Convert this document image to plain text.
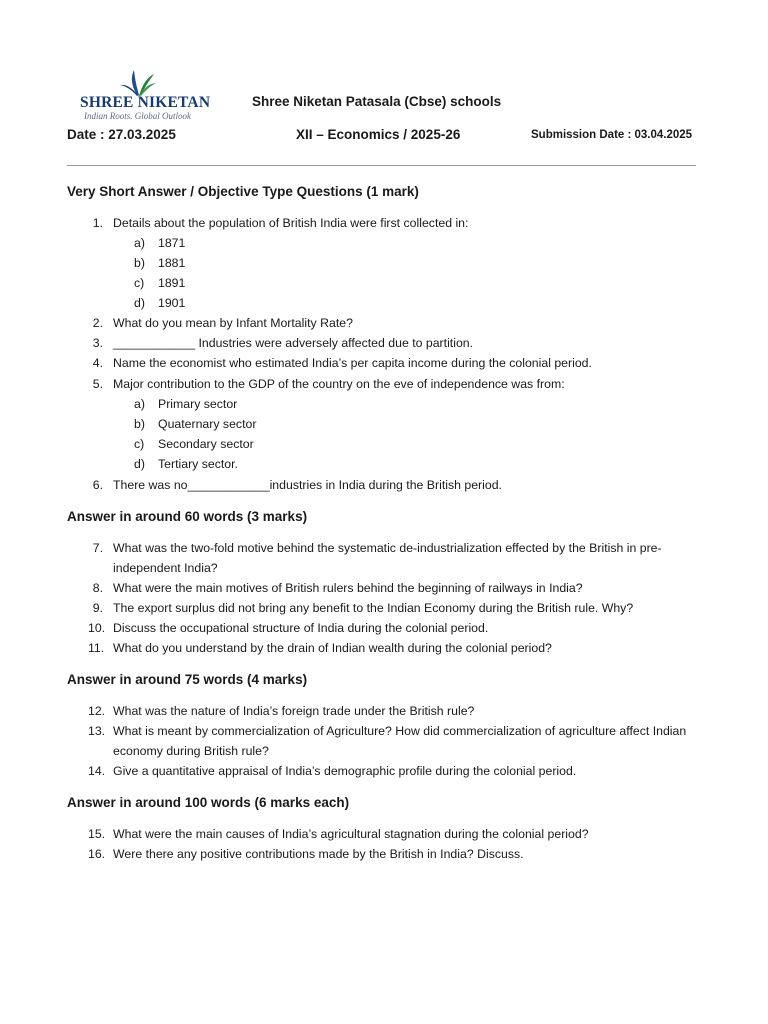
SHREE NIKETAN
Indian Roots. Global Outlook
Shree Niketan Patasala (Cbse) schools
Date : 27.03.2025	XII – Economics / 2025-26	Submission Date : 03.04.2025
Very Short Answer / Objective Type Questions (1 mark)
1. Details about the population of British India were first collected in:
a) 1871
b) 1881
c) 1891
d) 1901
2. What do you mean by Infant Mortality Rate?
3. ____________ Industries were adversely affected due to partition.
4. Name the economist who estimated India’s per capita income during the colonial period.
5. Major contribution to the GDP of the country on the eve of independence was from:
a) Primary sector
b) Quaternary sector
c) Secondary sector
d) Tertiary sector.
6. There was no____________industries in India during the British period.
Answer in around 60 words (3 marks)
7. What was the two-fold motive behind the systematic de-industrialization effected by the British in pre-independent India?
8. What were the main motives of British rulers behind the beginning of railways in India?
9. The export surplus did not bring any benefit to the Indian Economy during the British rule. Why?
10. Discuss the occupational structure of India during the colonial period.
11. What do you understand by the drain of Indian wealth during the colonial period?
Answer in around 75 words (4 marks)
12. What was the nature of India’s foreign trade under the British rule?
13. What is meant by commercialization of Agriculture? How did commercialization of agriculture affect Indian economy during British rule?
14. Give a quantitative appraisal of India’s demographic profile during the colonial period.
Answer in around 100 words (6 marks each)
15. What were the main causes of India’s agricultural stagnation during the colonial period?
16. Were there any positive contributions made by the British in India? Discuss.
